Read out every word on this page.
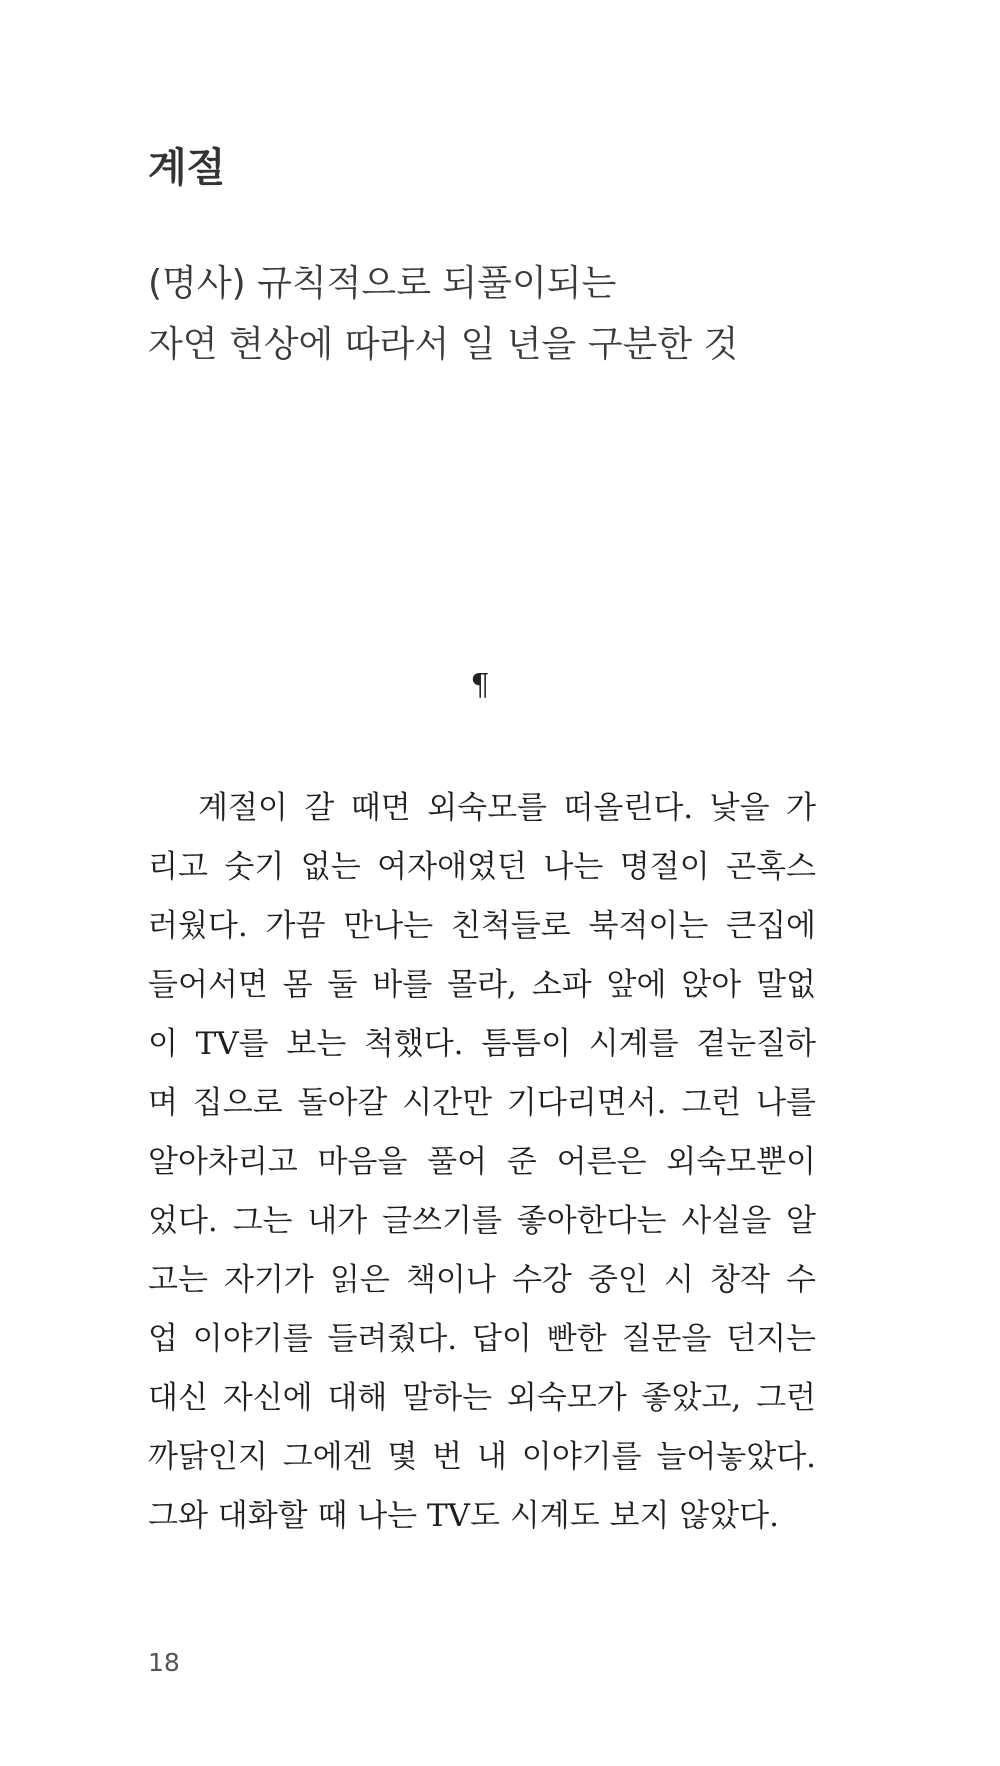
계절

(명사) 규칙적으로 되풀이되는
자연 현상에 따라서 일 년을 구분한 것

¶

계절이 갈 때면 외숙모를 떠올린다. 낯을 가
리고 숫기 없는 여자애였던 나는 명절이 곤혹스
러웠다. 가끔 만나는 친척들로 북적이는 큰집에
들어서면 몸 둘 바를 몰라, 소파 앞에 앉아 말없
이 TV를 보는 척했다. 틈틈이 시계를 곁눈질하
며 집으로 돌아갈 시간만 기다리면서. 그런 나를
알아차리고 마음을 풀어 준 어른은 외숙모뿐이
었다. 그는 내가 글쓰기를 좋아한다는 사실을 알
고는 자기가 읽은 책이나 수강 중인 시 창작 수
업 이야기를 들려줬다. 답이 빤한 질문을 던지는
대신 자신에 대해 말하는 외숙모가 좋았고, 그런
까닭인지 그에겐 몇 번 내 이야기를 늘어놓았다.
그와 대화할 때 나는 TV도 시계도 보지 않았다.

18
